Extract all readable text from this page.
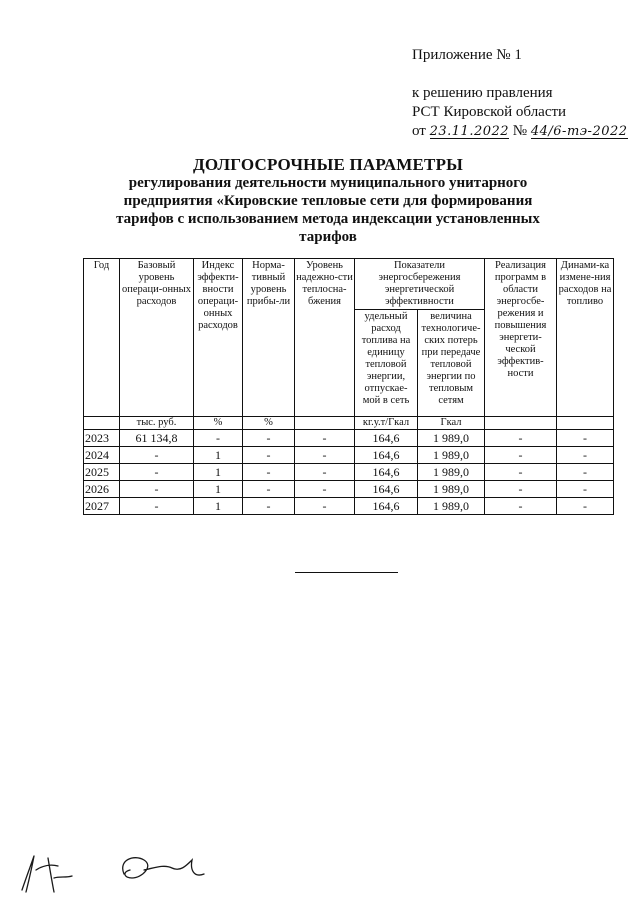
Приложение № 1
к решению правления
РСТ Кировской области
от 23.11.2022 № 44/6-тэ-2022
ДОЛГОСРОЧНЫЕ ПАРАМЕТРЫ
регулирования деятельности муниципального унитарного предприятия «Кировские тепловые сети для формирования тарифов с использованием метода индексации установленных тарифов
Год	Базовый уровень операци-онных расходов	Индекс эффекти-вности операци-онных расходов	Норма-тивный уровень прибы-ли	Уровень надежно-сти теплосна-бжения	Показатели энергосбережения энергетической эффективности		Реализация программ в области энергосбе-режения и повышения энергети-ческой эффектив-ности	Динами-ка измене-ния расходов на топливо
					удельный расход топлива на единицу тепловой энергии, отпускае-мой в сеть	величина технологиче-ских потерь при передаче тепловой энергии по тепловым сетям		
	тыс. руб.	%	%		кг.у.т/Гкал	Гкал		
2023	61 134,8	-	-	-	164,6	1 989,0	-	-
2024	-	1	-	-	164,6	1 989,0	-	-
2025	-	1	-	-	164,6	1 989,0	-	-
2026	-	1	-	-	164,6	1 989,0	-	-
2027	-	1	-	-	164,6	1 989,0	-	-
